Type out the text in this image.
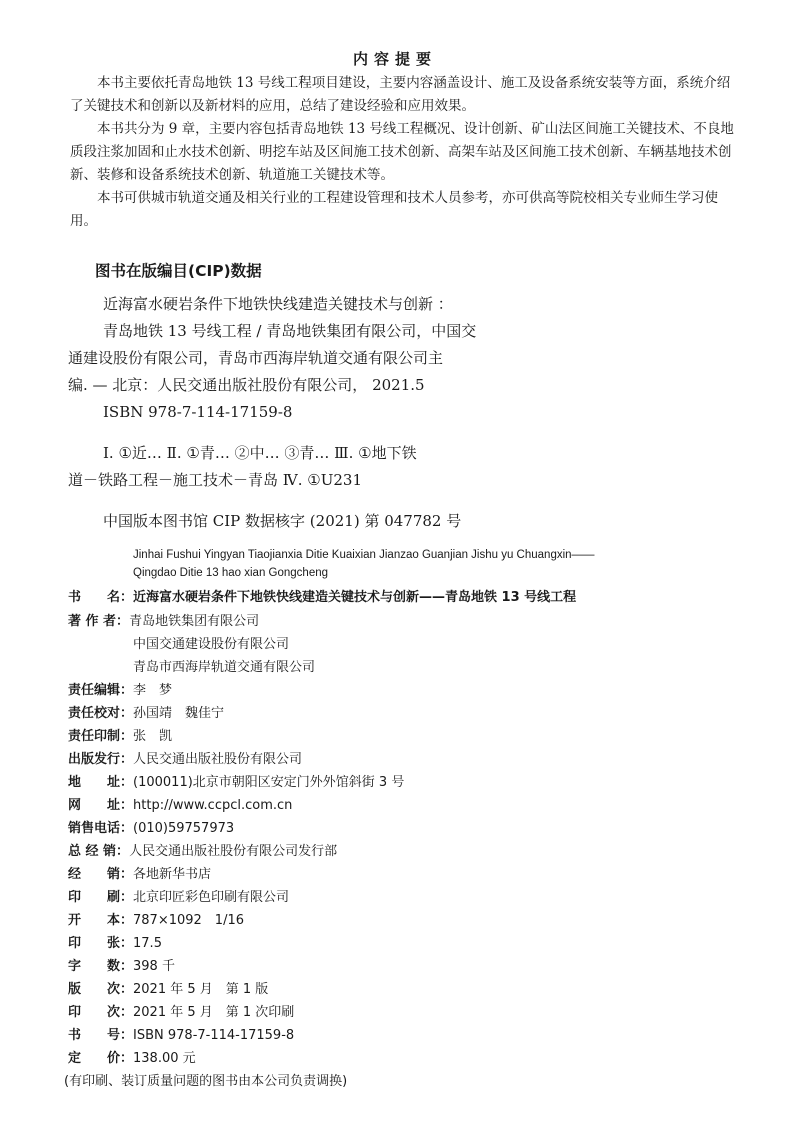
内容提要

本书主要依托青岛地铁 13 号线工程项目建设，主要内容涵盖设计、施工及设备系统安装等方面，系统介绍了关键技术和创新以及新材料的应用，总结了建设经验和应用效果。

本书共分为 9 章，主要内容包括青岛地铁 13 号线工程概况、设计创新、矿山法区间施工关键技术、不良地质段注浆加固和止水技术创新、明挖车站及区间施工技术创新、高架车站及区间施工技术创新、车辆基地技术创新、装修和设备系统技术创新、轨道施工关键技术等。

本书可供城市轨道交通及相关行业的工程建设管理和技术人员参考，亦可供高等院校相关专业师生学习使用。

图书在版编目(CIP)数据
近海富水硬岩条件下地铁快线建造关键技术与创新 ：
青岛地铁 13 号线工程 / 青岛地铁集团有限公司，中国交
通建设股份有限公司，青岛市西海岸轨道交通有限公司主
编. — 北京：人民交通出版社股份有限公司， 2021.5
ISBN 978-7-114-17159-8
Ⅰ. ①近… Ⅱ. ①青… ②中… ③青… Ⅲ. ①地下铁
道－铁路工程－施工技术－青岛 Ⅳ. ①U231
中国版本图书馆 CIP 数据核字 (2021) 第 047782 号
Jinhai Fushui Yingyan Tiaojianxia Ditie Kuaixian Jianzao Guanjian Jishu yu Chuangxin——
Qingdao Ditie 13 hao xian Gongcheng
书　　名：近海富水硬岩条件下地铁快线建造关键技术与创新——青岛地铁 13 号线工程
著 作 者：青岛地铁集团有限公司
中国交通建设股份有限公司
青岛市西海岸轨道交通有限公司
责任编辑：李　梦
责任校对：孙国靖　魏佳宁
责任印制：张　凯
出版发行：人民交通出版社股份有限公司
地　　址：(100011)北京市朝阳区安定门外外馆斜街 3 号
网　　址：http://www.ccpcl.com.cn
销售电话：(010)59757973
总 经 销：人民交通出版社股份有限公司发行部
经　　销：各地新华书店
印　　刷：北京印匠彩色印刷有限公司
开　　本：787×1092　1/16
印　　张：17.5
字　　数：398 千
版　　次：2021 年 5 月　第 1 版
印　　次：2021 年 5 月　第 1 次印刷
书　　号：ISBN 978-7-114-17159-8
定　　价：138.00 元
(有印刷、装订质量问题的图书由本公司负责调换)
